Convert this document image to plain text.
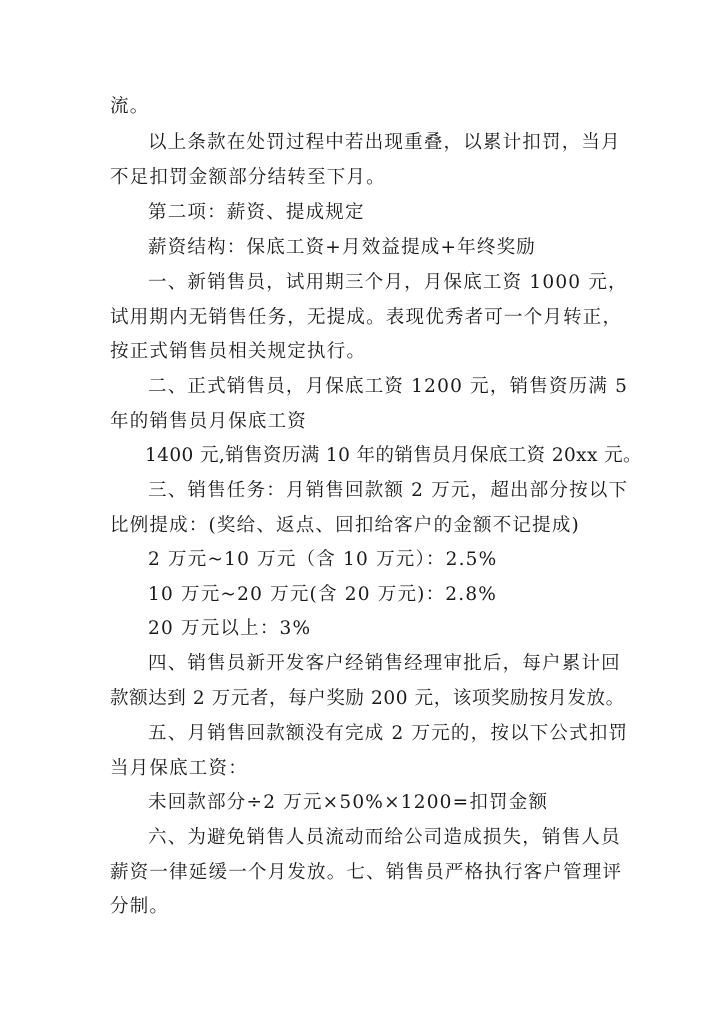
流。
以上条款在处罚过程中若出现重叠，以累计扣罚，当月
不足扣罚金额部分结转至下月。
第二项：薪资、提成规定
薪资结构：保底工资+月效益提成+年终奖励
一、新销售员，试用期三个月，月保底工资 1000 元，
试用期内无销售任务，无提成。表现优秀者可一个月转正，
按正式销售员相关规定执行。
二、正式销售员，月保底工资 1200 元，销售资历满 5
年的销售员月保底工资
1400 元,销售资历满 10 年的销售员月保底工资 20xx 元。
三、销售任务：月销售回款额 2 万元，超出部分按以下
比例提成：(奖给、返点、回扣给客户的金额不记提成)
2 万元~10 万元（含 10 万元）：2.5%
10 万元~20 万元(含 20 万元)：2.8%
20 万元以上：3%
四、销售员新开发客户经销售经理审批后，每户累计回
款额达到 2 万元者，每户奖励 200 元，该项奖励按月发放。
五、月销售回款额没有完成 2 万元的，按以下公式扣罚
当月保底工资：
未回款部分÷2 万元×50%×1200=扣罚金额
六、为避免销售人员流动而给公司造成损失，销售人员
薪资一律延缓一个月发放。七、销售员严格执行客户管理评
分制。
